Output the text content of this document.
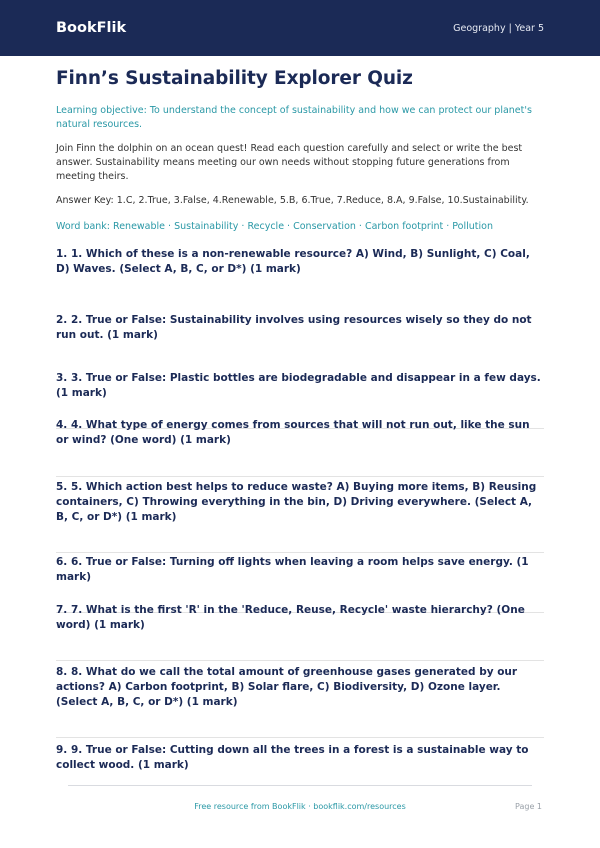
BookFlik	Geography | Year 5
Finn’s Sustainability Explorer Quiz

Learning objective: To understand the concept of sustainability and how we can protect our planet's natural resources.

Join Finn the dolphin on an ocean quest! Read each question carefully and select or write the best answer. Sustainability means meeting our own needs without stopping future generations from meeting theirs.

Answer Key: 1.C, 2.True, 3.False, 4.Renewable, 5.B, 6.True, 7.Reduce, 8.A, 9.False, 10.Sustainability.

Word bank: Renewable · Sustainability · Recycle · Conservation · Carbon footprint · Pollution

1. 1. Which of these is a non-renewable resource? A) Wind, B) Sunlight, C) Coal, D) Waves. (Select A, B, C, or D*) (1 mark)

2. 2. True or False: Sustainability involves using resources wisely so they do not run out. (1 mark)

3. 3. True or False: Plastic bottles are biodegradable and disappear in a few days. (1 mark)

4. 4. What type of energy comes from sources that will not run out, like the sun or wind? (One word) (1 mark)

5. 5. Which action best helps to reduce waste? A) Buying more items, B) Reusing containers, C) Throwing everything in the bin, D) Driving everywhere. (Select A, B, C, or D*) (1 mark)

6. 6. True or False: Turning off lights when leaving a room helps save energy. (1 mark)

7. 7. What is the first 'R' in the 'Reduce, Reuse, Recycle' waste hierarchy? (One word) (1 mark)

8. 8. What do we call the total amount of greenhouse gases generated by our actions? A) Carbon footprint, B) Solar flare, C) Biodiversity, D) Ozone layer. (Select A, B, C, or D*) (1 mark)

9. 9. True or False: Cutting down all the trees in a forest is a sustainable way to collect wood. (1 mark)

Free resource from BookFlik · bookflik.com/resources	Page 1
